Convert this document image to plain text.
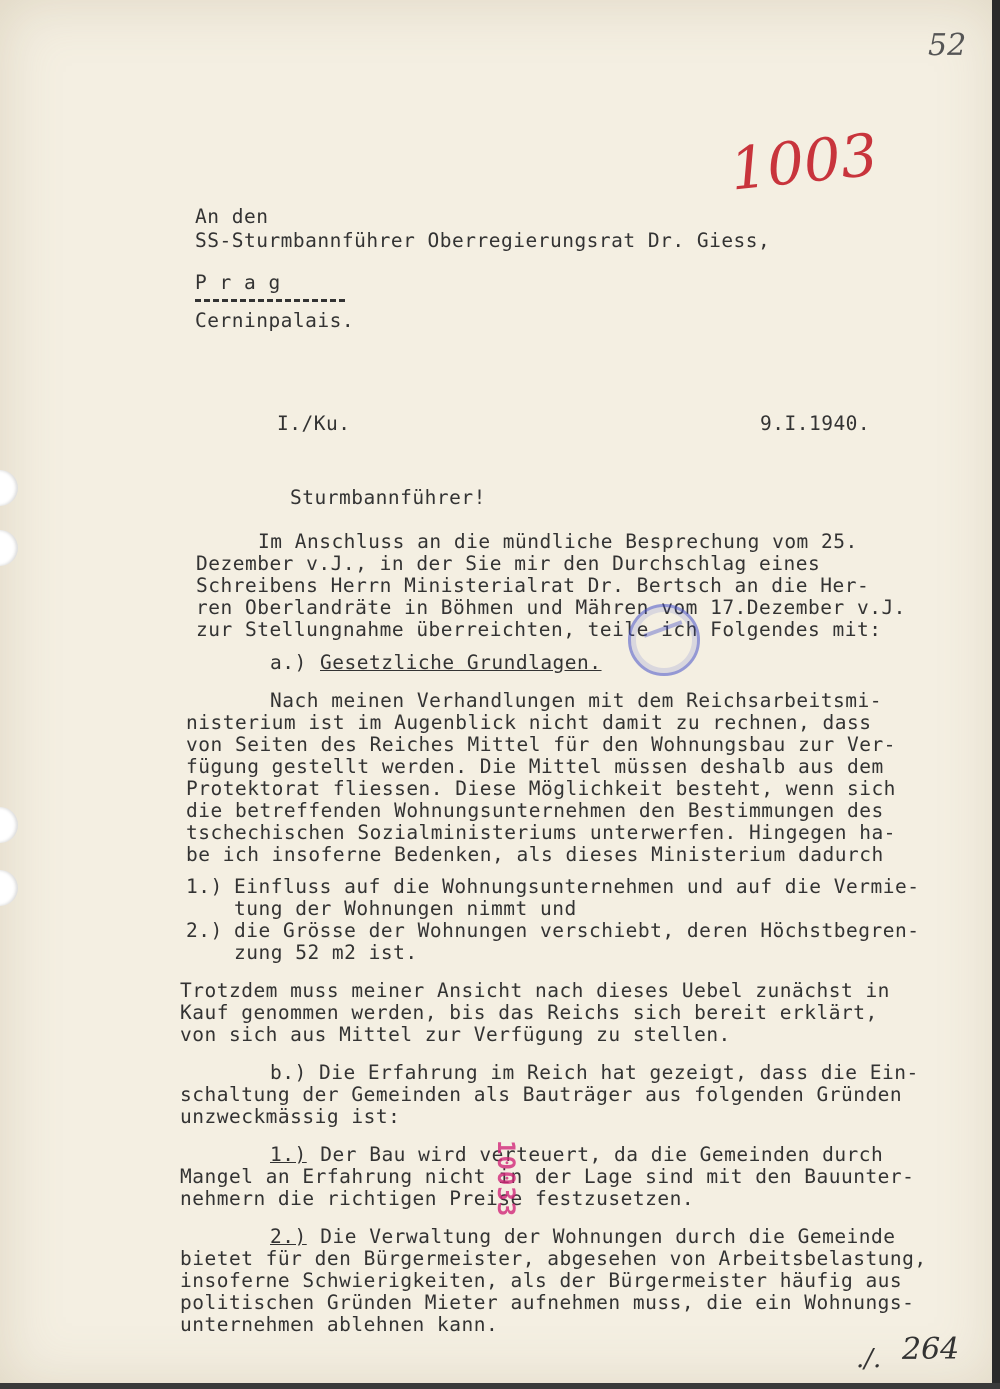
52
1003
An den
SS-Sturmbannführer Oberregierungsrat Dr. Giess,
P r a g
Cerninpalais.
I./Ku.	9.I.1940.
Sturmbannführer!
Im Anschluss an die mündliche Besprechung vom 25.
Dezember v.J., in der Sie mir den Durchschlag eines
Schreibens Herrn Ministerialrat Dr. Bertsch an die Her-
ren Oberlandräte in Böhmen und Mähren vom 17.Dezember v.J.
zur Stellungnahme überreichten, teile ich Folgendes mit:
a.) Gesetzliche Grundlagen.
Nach meinen Verhandlungen mit dem Reichsarbeitsmi-
nisterium ist im Augenblick nicht damit zu rechnen, dass
von Seiten des Reiches Mittel für den Wohnungsbau zur Ver-
fügung gestellt werden. Die Mittel müssen deshalb aus dem
Protektorat fliessen. Diese Möglichkeit besteht, wenn sich
die betreffenden Wohnungsunternehmen den Bestimmungen des
tschechischen Sozialministeriums unterwerfen. Hingegen ha-
be ich insoferne Bedenken, als dieses Ministerium dadurch
1.) Einfluss auf die Wohnungsunternehmen und auf die Vermie-
tung der Wohnungen nimmt und
2.) die Grösse der Wohnungen verschiebt, deren Höchstbegren-
zung 52 m2 ist.
Trotzdem muss meiner Ansicht nach dieses Uebel zunächst in
Kauf genommen werden, bis das Reichs sich bereit erklärt,
von sich aus Mittel zur Verfügung zu stellen.
b.) Die Erfahrung im Reich hat gezeigt, dass die Ein-
schaltung der Gemeinden als Bauträger aus folgenden Gründen
unzweckmässig ist:
1.) Der Bau wird verteuert, da die Gemeinden durch
Mangel an Erfahrung nicht in der Lage sind mit den Bauunter-
nehmern die richtigen Preise festzusetzen.
2.) Die Verwaltung der Wohnungen durch die Gemeinde
bietet für den Bürgermeister, abgesehen von Arbeitsbelastung,
insoferne Schwierigkeiten, als der Bürgermeister häufig aus
politischen Gründen Mieter aufnehmen muss, die ein Wohnungs-
unternehmen ablehnen kann.
10033
./. 264
